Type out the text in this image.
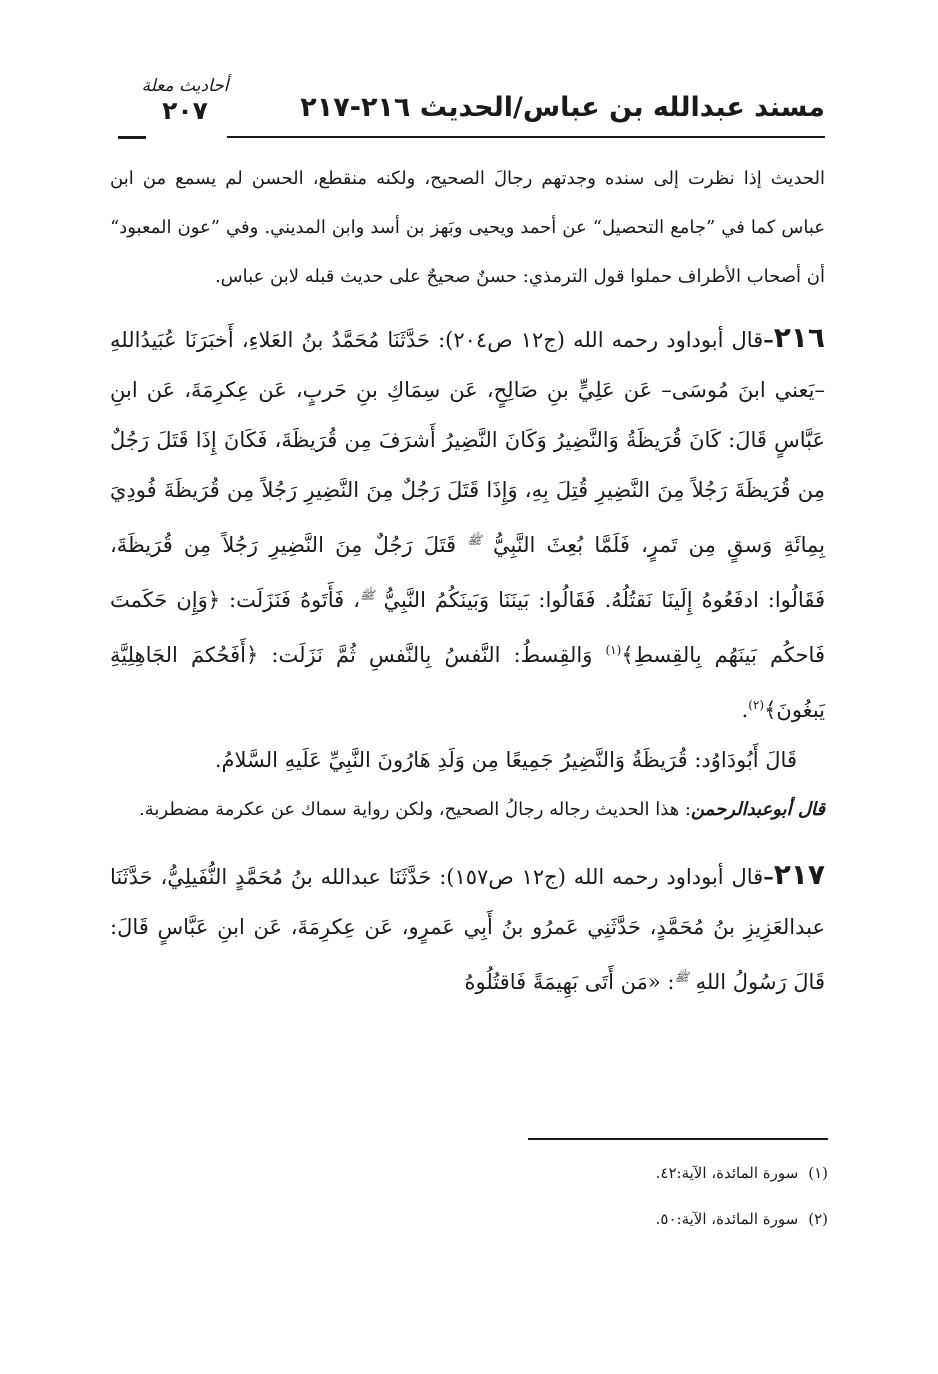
مسند عبدالله بن عباس/الحديث ٢١٦-٢١٧
أحاديث معلة
٢٠٧

الحديث إذا نظرت إلى سنده وجدتهم رجالَ الصحيح، ولكنه منقطع، الحسن لم يسمع من ابن عباس كما في ”جامع التحصيل“ عن أحمد ويحيى وبَهز بن أسد وابن المديني. وفي ”عون المعبود“ أن أصحاب الأطراف حملوا قول الترمذي: حسنٌ صحيحٌ على حديث قبله لابن عباس.

٢١٦–قال أبوداود رحمه الله (ج١٢ ص٢٠٤): حَدَّثَنَا مُحَمَّدُ بنُ العَلاءِ، أَخبَرَنَا عُبَيدُاللهِ –يَعني ابنَ مُوسَى– عَن عَلِيٍّ بنِ صَالِحٍ، عَن سِمَاكِ بنِ حَربٍ، عَن عِكرِمَةَ، عَن ابنِ عَبَّاسٍ قَالَ: كَانَ قُرَيظَةُ وَالنَّضِيرُ وَكَانَ النَّضِيرُ أَشرَفَ مِن قُرَيظَةَ، فَكَانَ إِذَا قَتَلَ رَجُلٌ مِن قُرَيظَةَ رَجُلاً مِنَ النَّضِيرِ قُتِلَ بِهِ، وَإِذَا قَتَلَ رَجُلٌ مِنَ النَّضِيرِ رَجُلاً مِن قُرَيظَةَ فُودِيَ بِمِائَةِ وَسقٍ مِن تَمرٍ، فَلَمَّا بُعِثَ النَّبِيُّ $^ﷺ$ قَتَلَ رَجُلٌ مِنَ النَّضِيرِ رَجُلاً مِن قُرَيظَةَ، فَقَالُوا: ادفَعُوهُ إِلَينَا نَقتُلُهُ. فَقَالُوا: بَينَنَا وَبَينَكُمُ النَّبِيُّ $^ﷺ$، فَأَتَوهُ فَنَزَلَت: ﴿وَإِن حَكَمتَ فَاحكُم بَينَهُم بِالقِسطِ﴾$^{(١)}$ وَالقِسطُ: النَّفسُ بِالنَّفسِ ثُمَّ نَزَلَت: ﴿أَفَحُكمَ الجَاهِلِيَّةِ يَبغُونَ﴾$^{(٢)}$.

قَالَ أَبُودَاوُد: قُرَيظَةُ وَالنَّضِيرُ جَمِيعًا مِن وَلَدِ هَارُونَ النَّبِيِّ عَلَيهِ السَّلامُ.

قال أبوعبدالرحمن: هذا الحديث رجاله رجالُ الصحيح، ولكن رواية سماك عن عكرمة مضطربة.

٢١٧–قال أبوداود رحمه الله (ج١٢ ص١٥٧): حَدَّثَنَا عبدالله بنُ مُحَمَّدٍ النُّفَيلِيُّ، حَدَّثَنَا عبدالعَزِيزِ بنُ مُحَمَّدٍ، حَدَّثَنِي عَمرُو بنُ أَبِي عَمرٍو، عَن عِكرِمَةَ، عَن ابنِ عَبَّاسٍ قَالَ: قَالَ رَسُولُ اللهِ $^ﷺ$: «مَن أَتَى بَهِيمَةً فَاقتُلُوهُ

(١)سورة المائدة، الآية:٤٢.
(٢)سورة المائدة، الآية:٥٠.
